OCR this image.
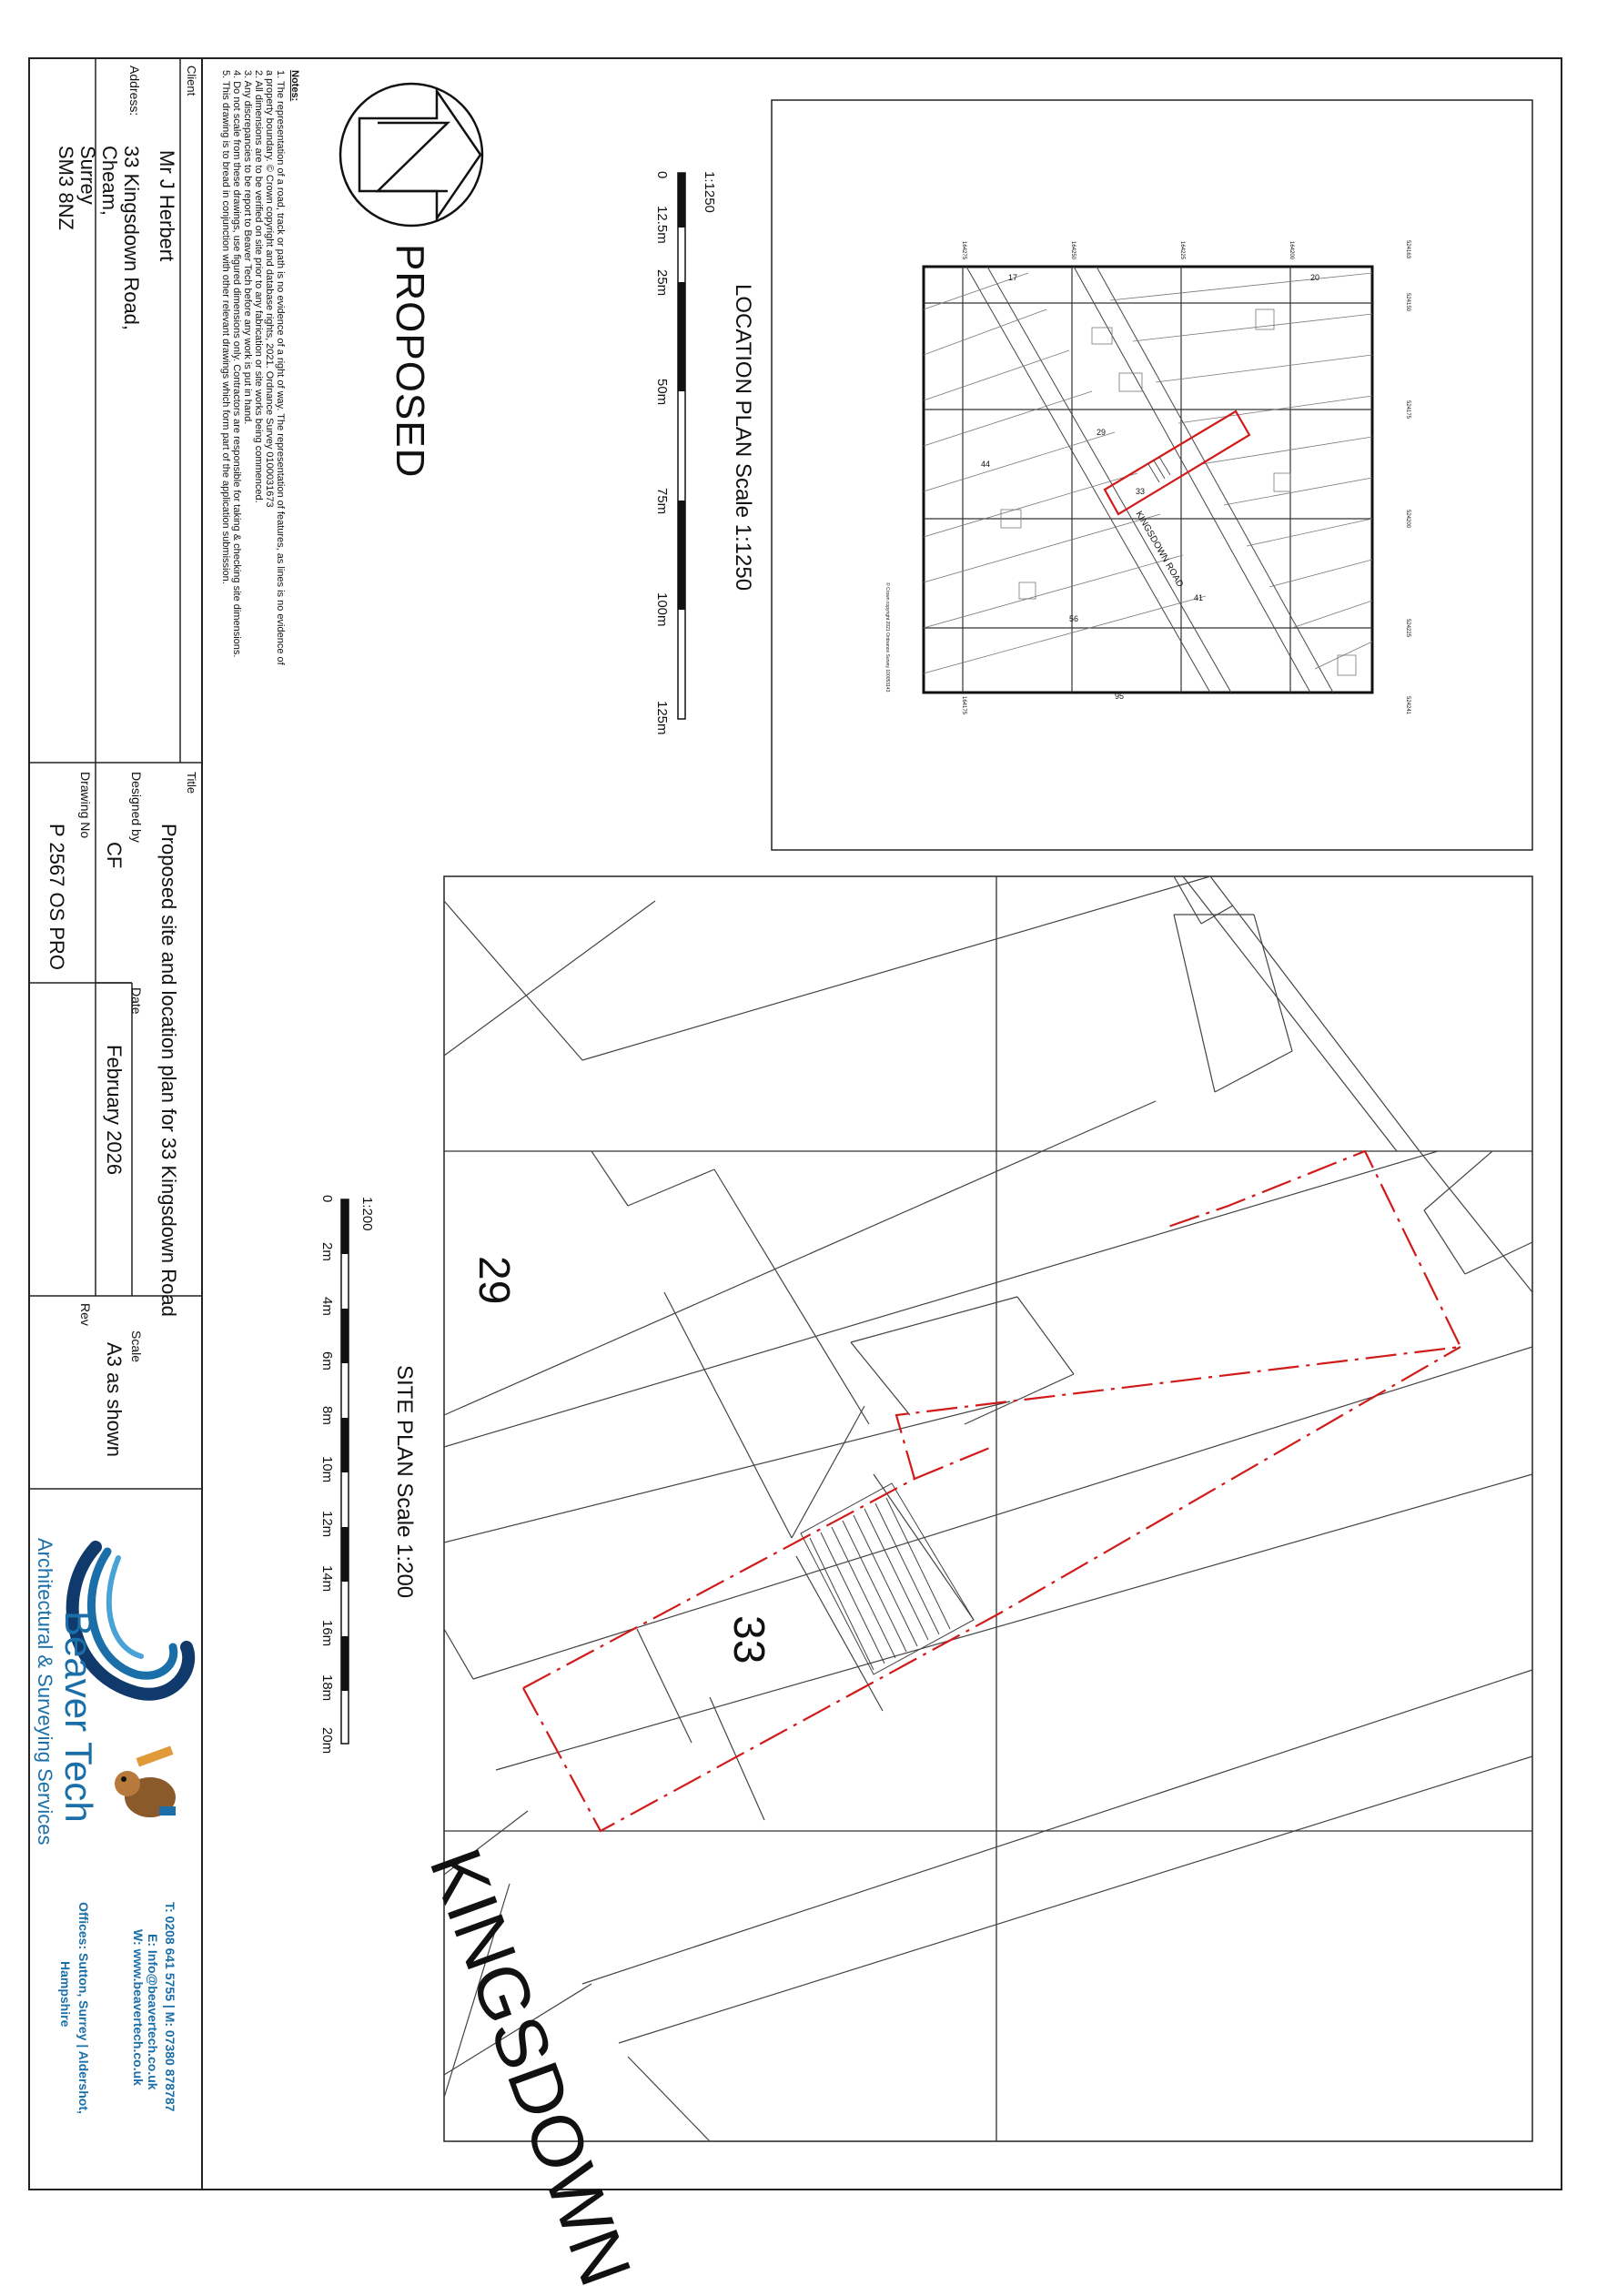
Notes:
1. The representation of a road, track or path is no evidence of a right of way. The representation of features, as lines is no evidence of
a property boundary. © Crown copyright and database rights, 2021. Ordnance Survey 0100031673
2. All dimensions are to be verified on site prior to any fabrication or site works being commenced.
3. Any discrepancies to be report to Beaver Tech before any work is put in hand.
4. Do not scale from these drawings, use figured dimensions only. Contractors are responsible for taking & checking site dimensions.
5. This drawing is to bread in conjunction with other relevant drawings which form part of the application submission.	PROPOSED	LOCATION PLAN Scale 1:1250
1:1250
0
12.5m
25m
50m
75m
100m
125m
KINGSDOWN ROAD
17	20
29
33
41
44
56
95
524163
524150
524175
524200
524225
524241
164275	164250	164225	164200
164175
© Crown copyright 2021 Ordnance Survey 100053143
SITE PLAN Scale 1:200
1:200
0
2m
4m
6m
8m
10m
12m
14m
16m
18m
20m
29
33
KINGSDOWN
Client
Mr J Herbert
Address:
33 Kingsdown Road,
Cheam,
Surrey
SM3 8NZ
Title
Proposed site and location plan for 33 Kingsdown Road
Designed by
CF
Date
February 2026
Scale
A3 as shown
Drawing No
P 2567 OS PRO
Rev
Beaver Tech
Architectural & Surveying Services
T: 0208 641 5755 | M: 07380 878787
E: Info@beavertech.co.uk
W: www.beavertech.co.uk
Offices: Sutton, Surrey | Aldershot,
Hampshire
